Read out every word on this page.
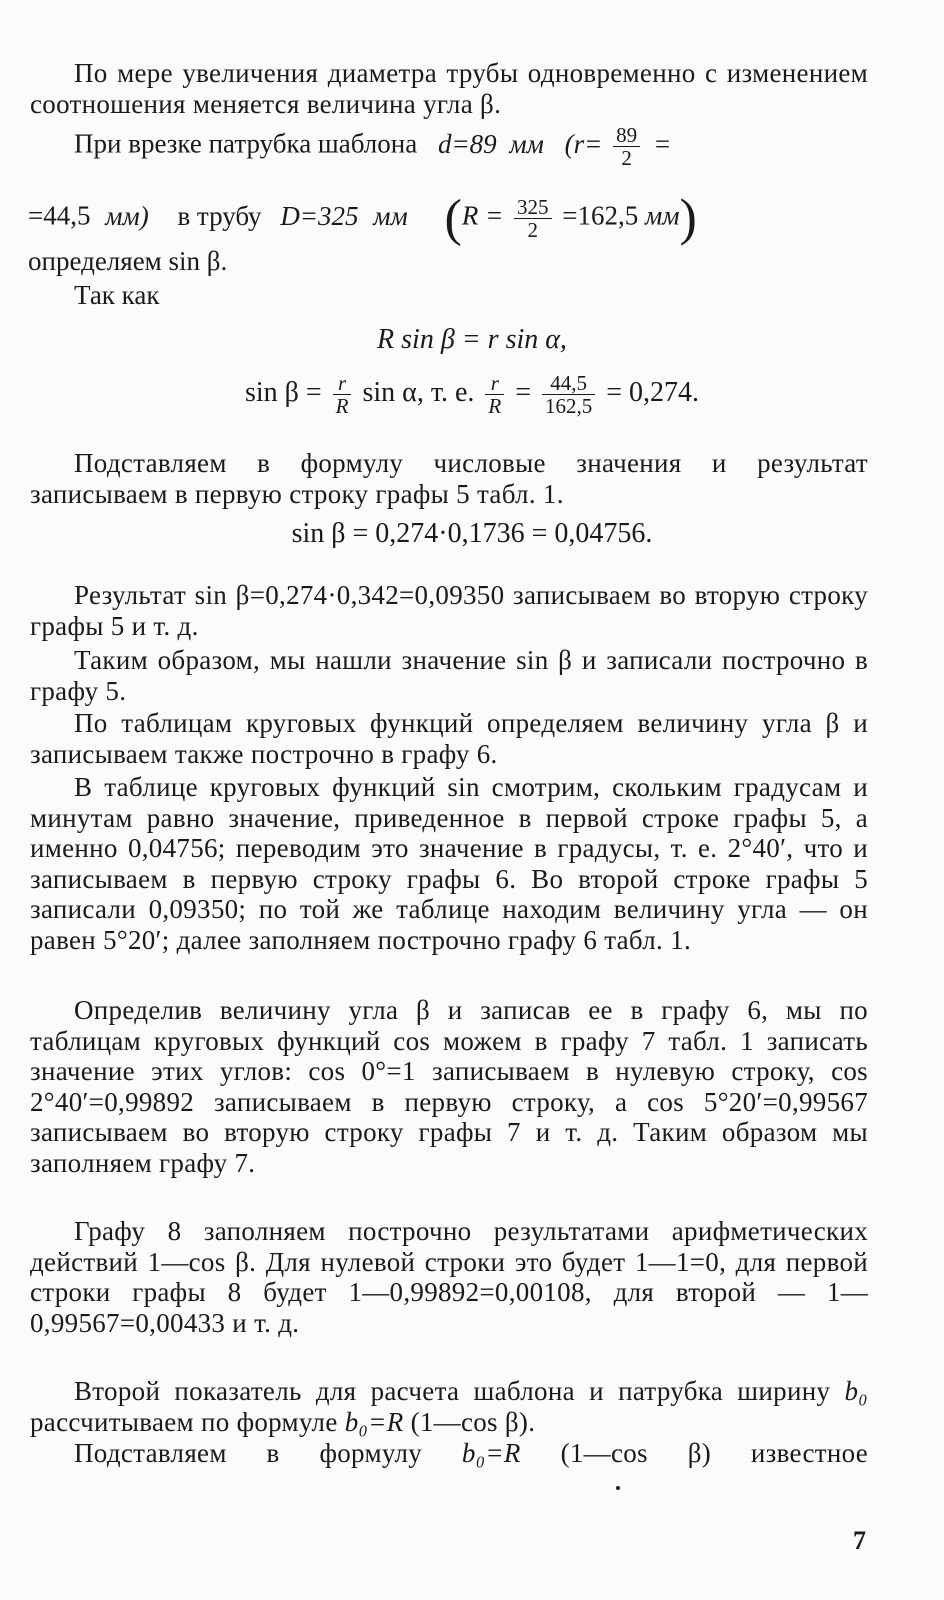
По мере увеличения диаметра трубы одновременно с изменением соотношения меняется величина угла β.

При врезке патрубка шаблона d=89 мм ($r= \frac{89}{2}$ =
=44,5 мм) в трубу D=325 мм ($R = \frac{325}{2} =162,5$ мм)
определяем sin β.
Так как
R sin β = r sin α,
$\sin \beta = \frac{r}{R}$ sin α, т. е. $\frac{r}{R} = \frac{44,5}{162,5} = 0,274$.

Подставляем в формулу числовые значения и результат записываем в первую строку графы 5 табл. 1.

sin β = 0,274·0,1736 = 0,04756.

Результат sin β=0,274·0,342=0,09350 записываем во вторую строку графы 5 и т. д.

Таким образом, мы нашли значение sin β и записали построчно в графу 5.

По таблицам круговых функций определяем величину угла β и записываем также построчно в графу 6.

В таблице круговых функций sin смотрим, скольким градусам и минутам равно значение, приведенное в первой строке графы 5, а именно 0,04756; переводим это значение в градусы, т. е. 2°40′, что и записываем в первую строку графы 6. Во второй строке графы 5 записали 0,09350; по той же таблице находим величину угла — он равен 5°20′; далее заполняем построчно графу 6 табл. 1.

Определив величину угла β и записав ее в графу 6, мы по таблицам круговых функций cos можем в графу 7 табл. 1 записать значение этих углов: cos 0°=1 записываем в нулевую строку, cos 2°40′=0,99892 записываем в первую строку, а cos 5°20′=0,99567 записываем во вторую строку графы 7 и т. д. Таким образом мы заполняем графу 7.

Графу 8 заполняем построчно результатами арифметических действий 1—cos β. Для нулевой строки это будет 1—1=0, для первой строки графы 8 будет 1—0,99892=0,00108, для второй — 1—0,99567=0,00433 и т. д.

Второй показатель для расчета шаблона и патрубка ширину b₀ рассчитываем по формуле b₀=R (1—cos β).

Подставляем в формулу b₀=R (1—cos β) известное

7
